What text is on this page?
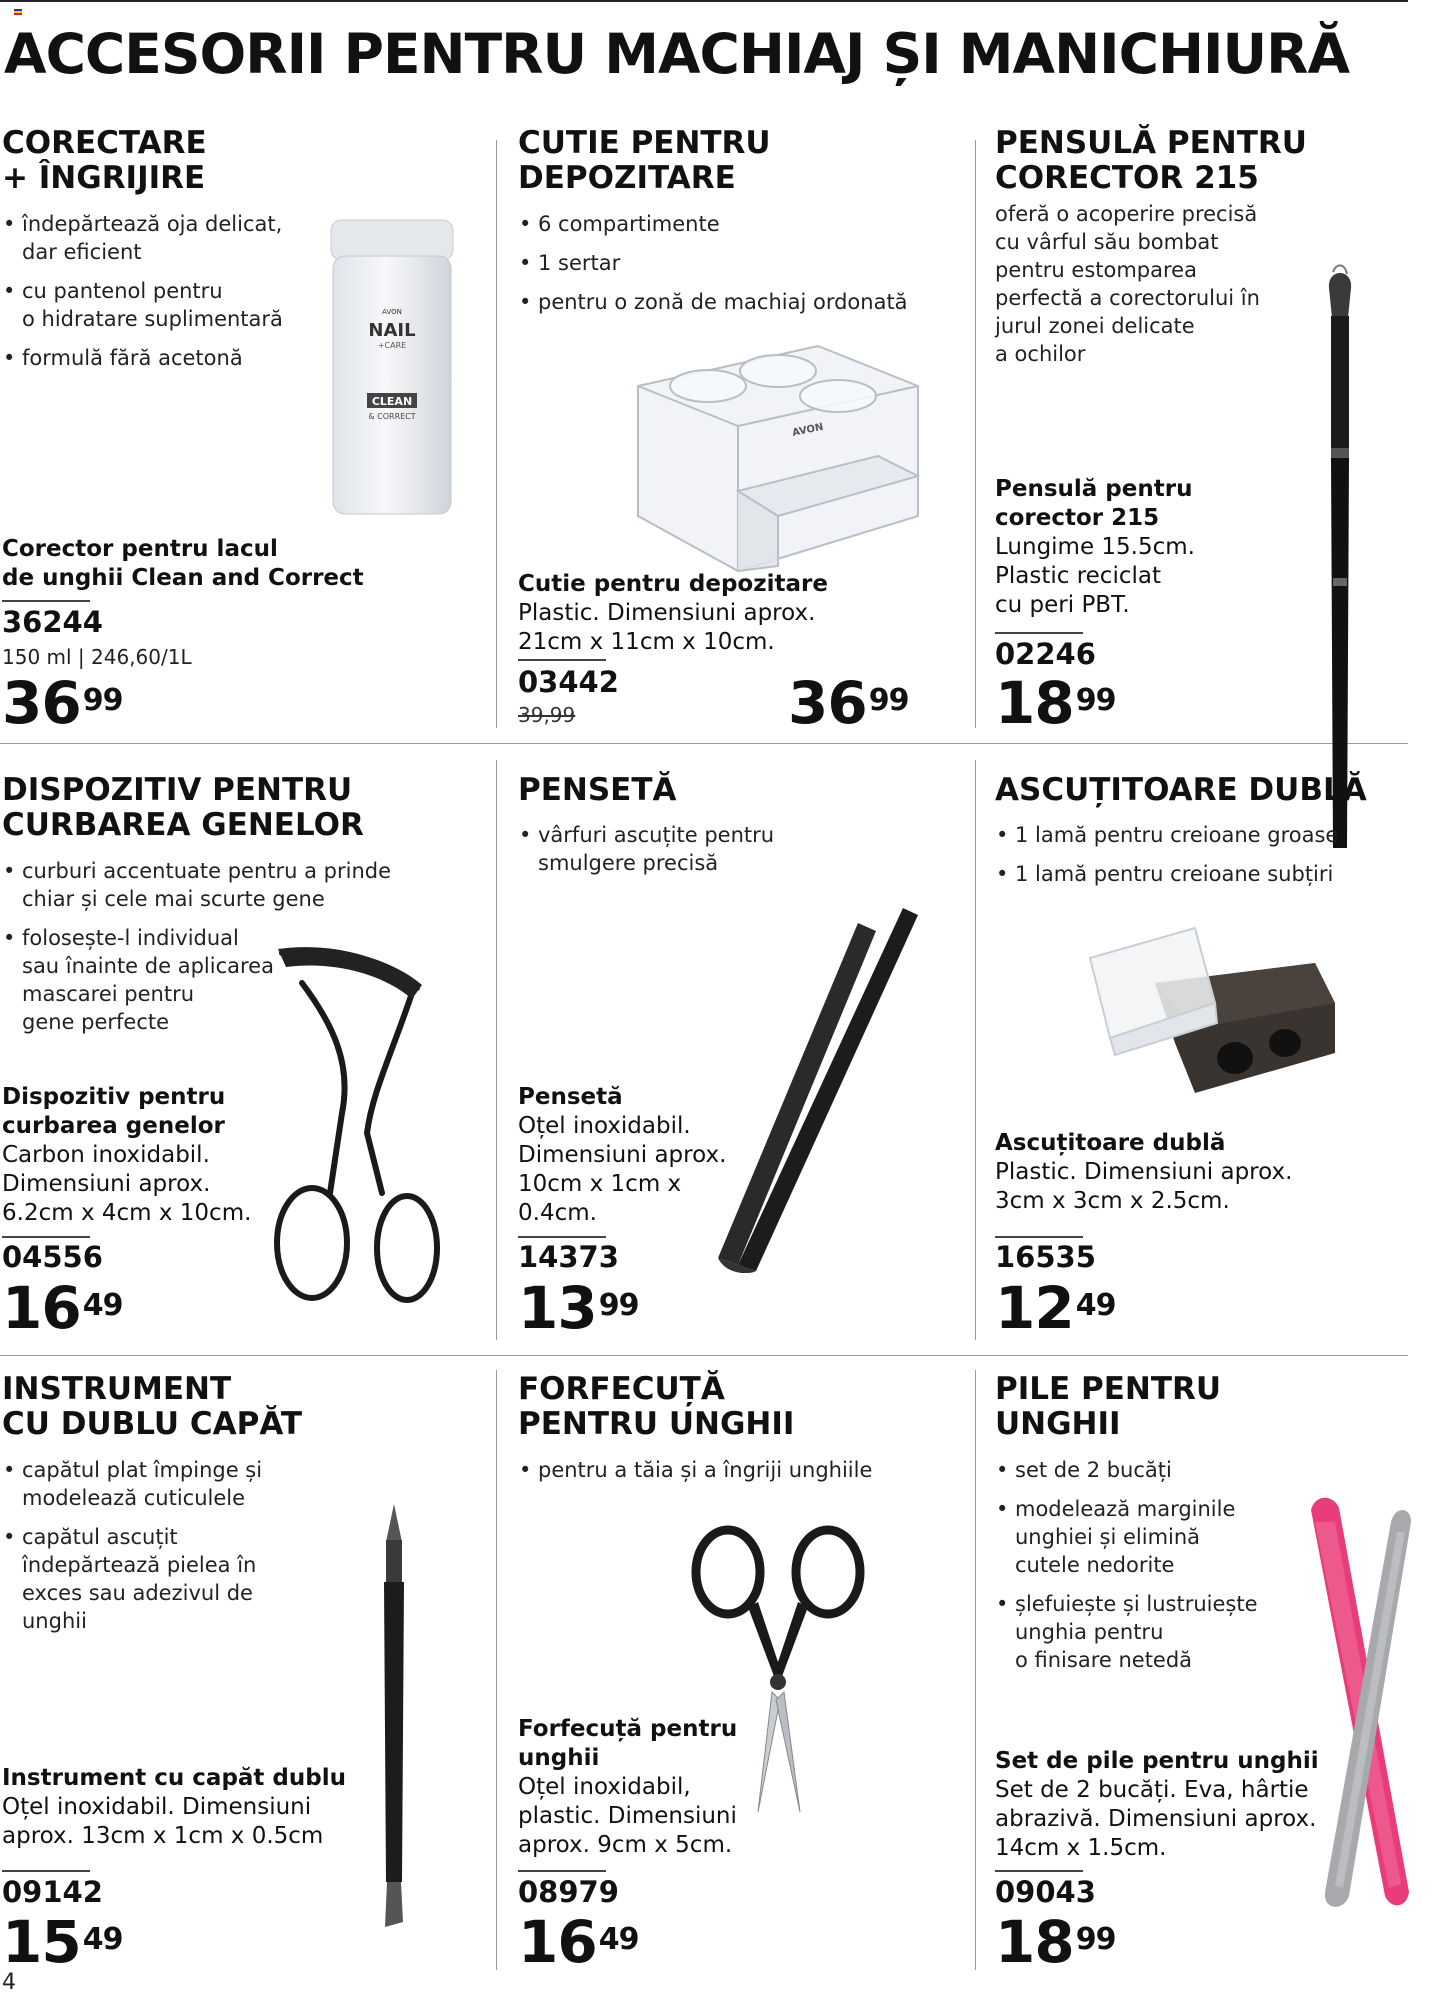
ACCESORII PENTRU MACHIAJ ȘI MANICHIURĂ
CORECTARE
+ ÎNGRIJIRE
• îndepărtează oja delicat,
dar eficient
• cu pantenol pentru
o hidratare suplimentară
• formulă fără acetonă
AVON
NAIL
+CARE
CLEAN
& CORRECT
Corector pentru lacul
de unghii Clean and Correct
36244
150 ml | 246,60/1L
$36^{99}$
CUTIE PENTRU
DEPOZITARE
• 6 compartimente
• 1 sertar
• pentru o zonă de machiaj ordonată
AVON
Cutie pentru depozitare
Plastic. Dimensiuni aprox.
21cm x 11cm x 10cm.
03442
39,99	$36^{99}$
PENSULĂ PENTRU
CORECTOR 215
oferă o acoperire precisă
cu vârful său bombat
pentru estomparea
perfectă a corectorului în
jurul zonei delicate
a ochilor
Pensulă pentru
corector 215
Lungime 15.5cm.
Plastic reciclat
cu peri PBT.
02246
$18^{99}$
DISPOZITIV PENTRU
CURBAREA GENELOR
• curburi accentuate pentru a prinde
chiar și cele mai scurte gene
• folosește-l individual
sau înainte de aplicarea
mascarei pentru
gene perfecte
Dispozitiv pentru
curbarea genelor
Carbon inoxidabil.
Dimensiuni aprox.
6.2cm x 4cm x 10cm.
04556
$16^{49}$
PENSETĂ
• vârfuri ascuțite pentru
smulgere precisă
Pensetă
Oțel inoxidabil.
Dimensiuni aprox.
10cm x 1cm x
0.4cm.
14373
$13^{99}$
ASCUȚITOARE DUBLĂ
• 1 lamă pentru creioane groase
• 1 lamă pentru creioane subțiri
Ascuțitoare dublă
Plastic. Dimensiuni aprox.
3cm x 3cm x 2.5cm.
16535
$12^{49}$
INSTRUMENT
CU DUBLU CAPĂT
• capătul plat împinge și
modelează cuticulele
• capătul ascuțit
îndepărtează pielea în
exces sau adezivul de
unghii
Instrument cu capăt dublu
Oțel inoxidabil. Dimensiuni
aprox. 13cm x 1cm x 0.5cm
09142
$15^{49}$
FORFECUȚĂ
PENTRU UNGHII
• pentru a tăia și a îngriji unghiile
Forfecuță pentru
unghii
Oțel inoxidabil,
plastic. Dimensiuni
aprox. 9cm x 5cm.
08979
$16^{49}$
PILE PENTRU
UNGHII
• set de 2 bucăți
• modelează marginile
unghiei și elimină
cutele nedorite
• șlefuiește și lustruiește
unghia pentru
o finisare netedă
Set de pile pentru unghii
Set de 2 bucăți. Eva, hârtie
abrazivă. Dimensiuni aprox.
14cm x 1.5cm.
09043
$18^{99}$
4
